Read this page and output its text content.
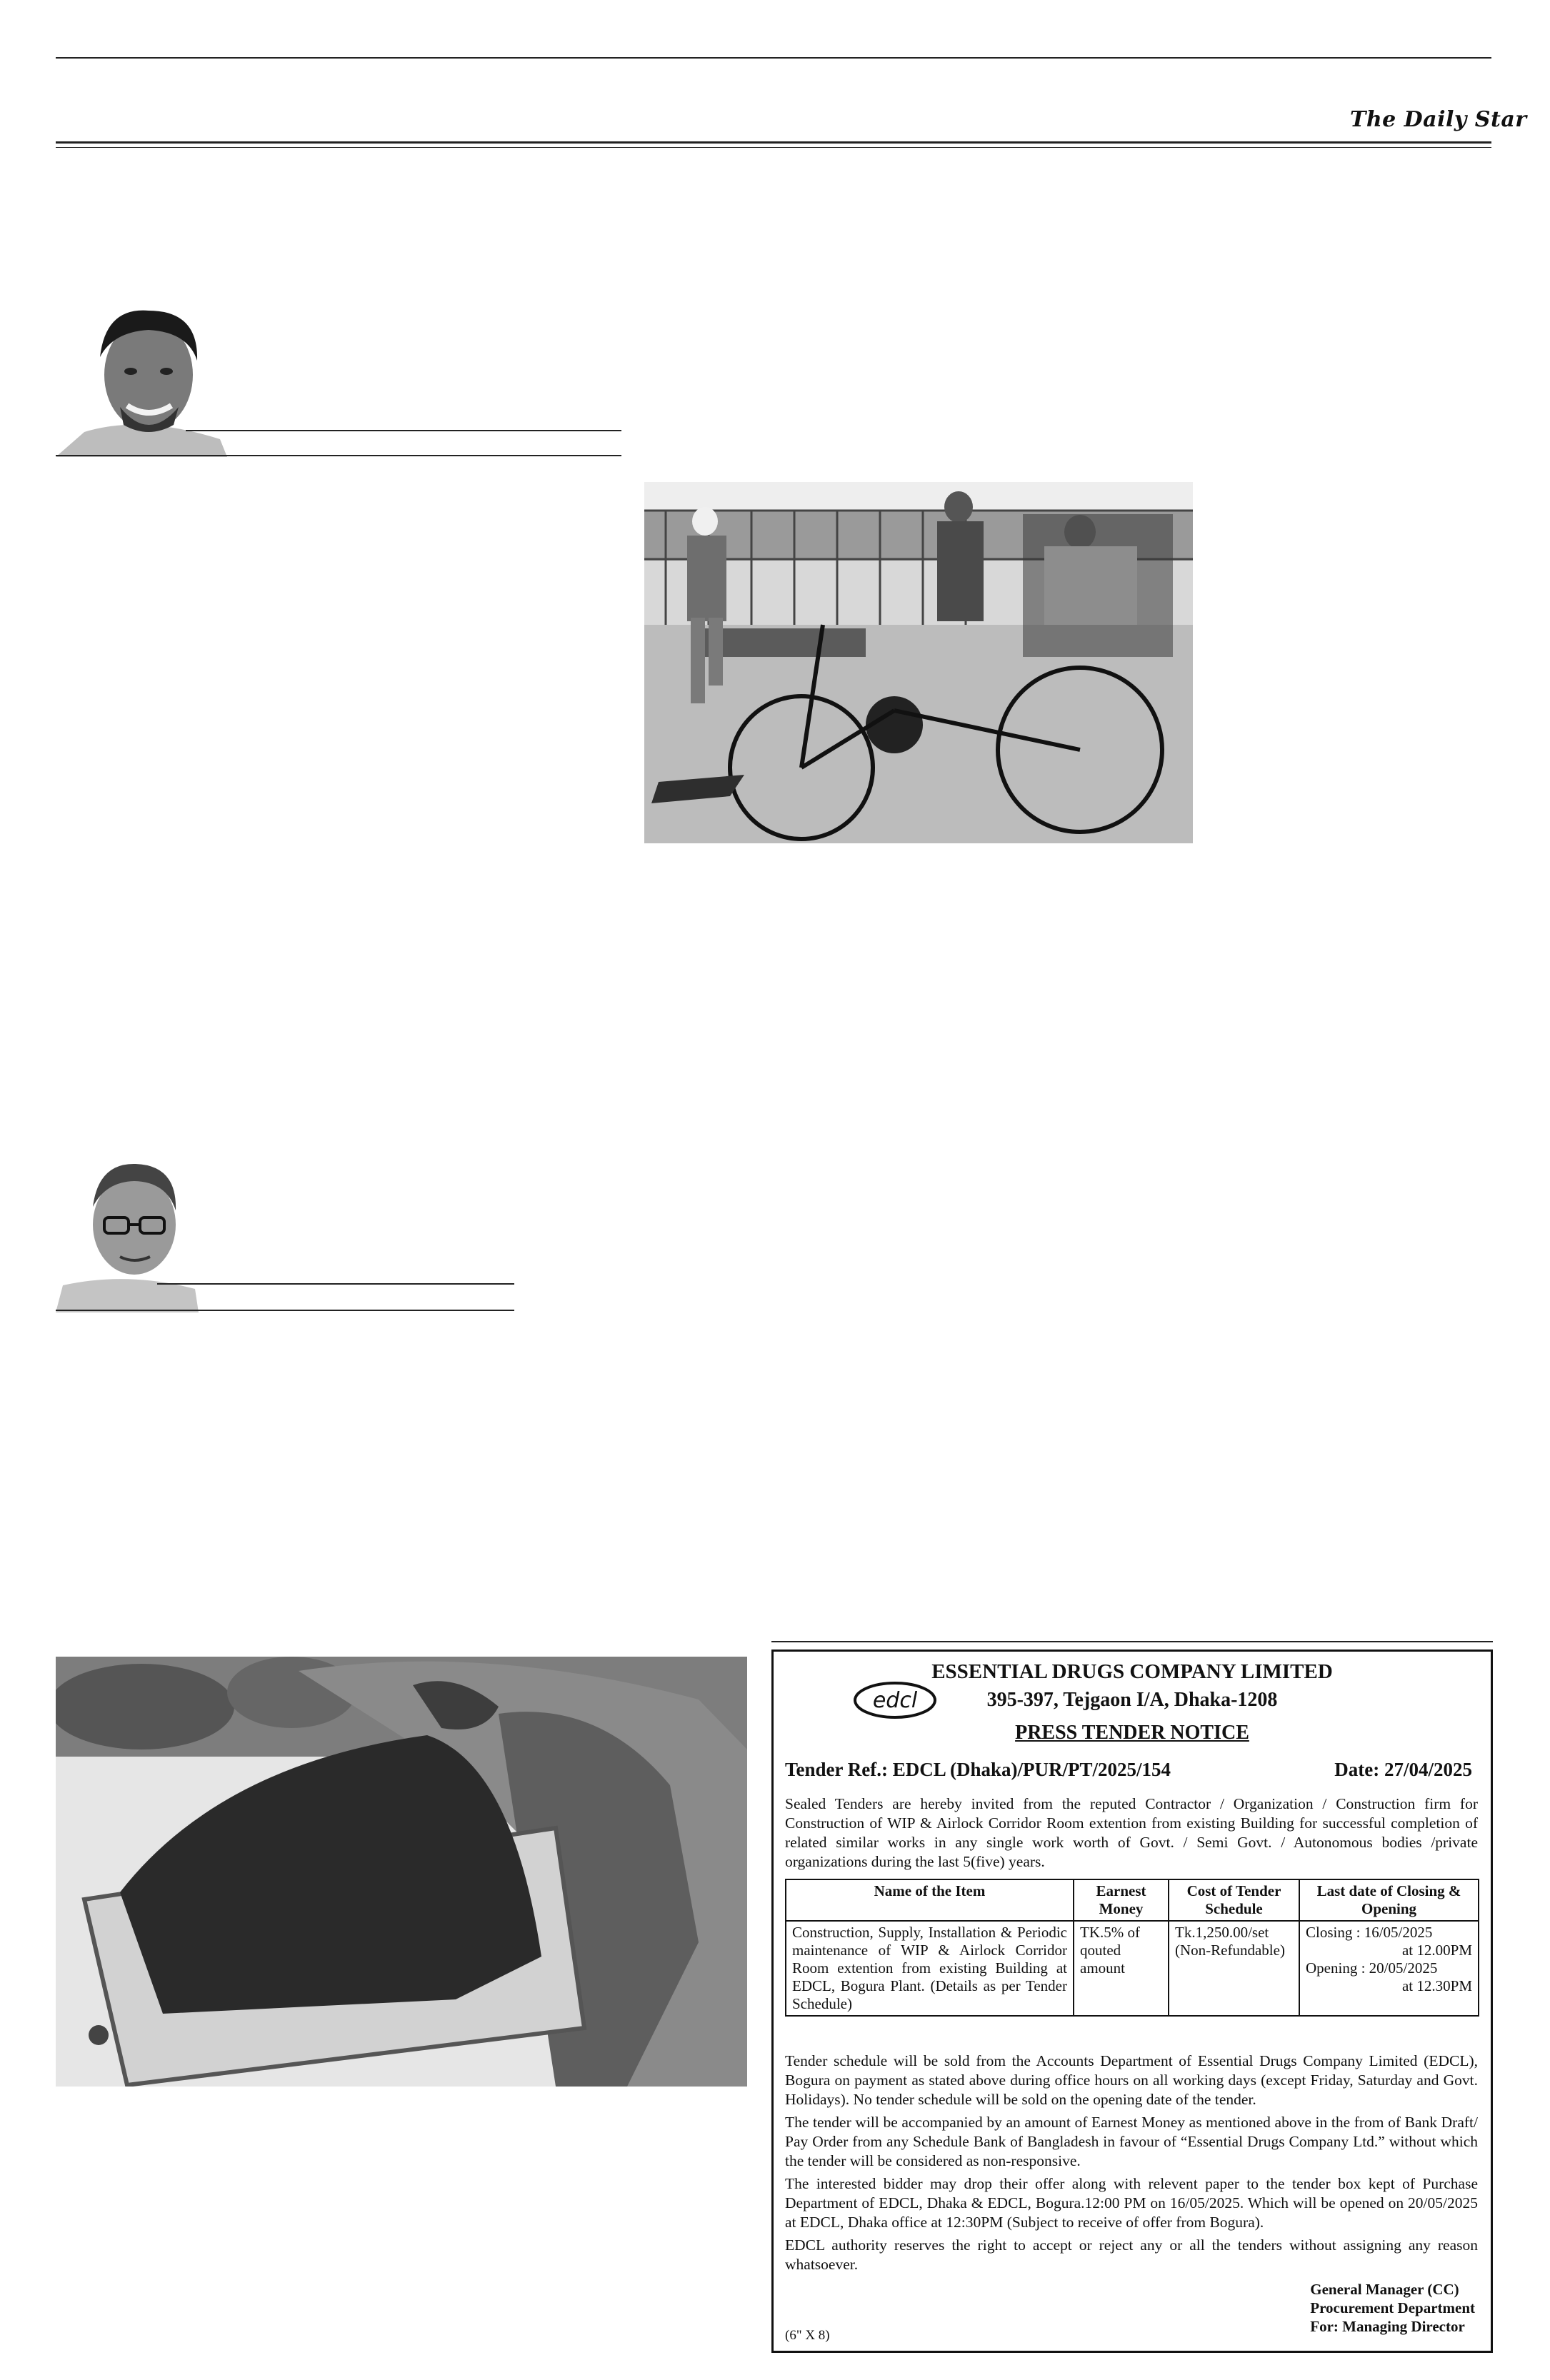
The Daily Star
edcl
ESSENTIAL DRUGS COMPANY LIMITED
395-397, Tejgaon I/A, Dhaka-1208
PRESS TENDER NOTICE
Tender Ref.: EDCL (Dhaka)/PUR/PT/2025/154	Date: 27/04/2025
Sealed Tenders are hereby invited from the reputed Contractor / Organization / Construction firm for Construction of WIP & Airlock Corridor Room extention from existing Building for successful completion of related similar works in any single work worth of Govt. / Semi Govt. / Autonomous bodies /private organizations during the last 5(five) years.
Name of the Item	Earnest Money	Cost of Tender Schedule	Last date of Closing & Opening
Construction, Supply, Installation & Periodic maintenance of WIP & Airlock Corridor Room extention from existing Building at EDCL, Bogura Plant. (Details as per Tender Schedule)	TK.5% of qouted amount	Tk.1,250.00/set (Non-Refundable)	Closing : 16/05/2025
at 12.00PM
Opening : 20/05/2025
at 12.30PM
Tender schedule will be sold from the Accounts Department of Essential Drugs Company Limited (EDCL), Bogura on payment as stated above during office hours on all working days (except Friday, Saturday and Govt. Holidays). No tender schedule will be sold on the opening date of the tender.
The tender will be accompanied by an amount of Earnest Money as mentioned above in the from of Bank Draft/ Pay Order from any Schedule Bank of Bangladesh in favour of “Essential Drugs Company Ltd.” without which the tender will be considered as non-responsive.
The interested bidder may drop their offer along with relevent paper to the tender box kept of Purchase Department of EDCL, Dhaka & EDCL, Bogura.12:00 PM on 16/05/2025. Which will be opened on 20/05/2025 at EDCL, Dhaka office at 12:30PM (Subject to receive of offer from Bogura).
EDCL authority reserves the right to accept or reject any or all the tenders without assigning any reason whatsoever.
General Manager (CC)
Procurement Department
For: Managing Director
(6" X 8)
